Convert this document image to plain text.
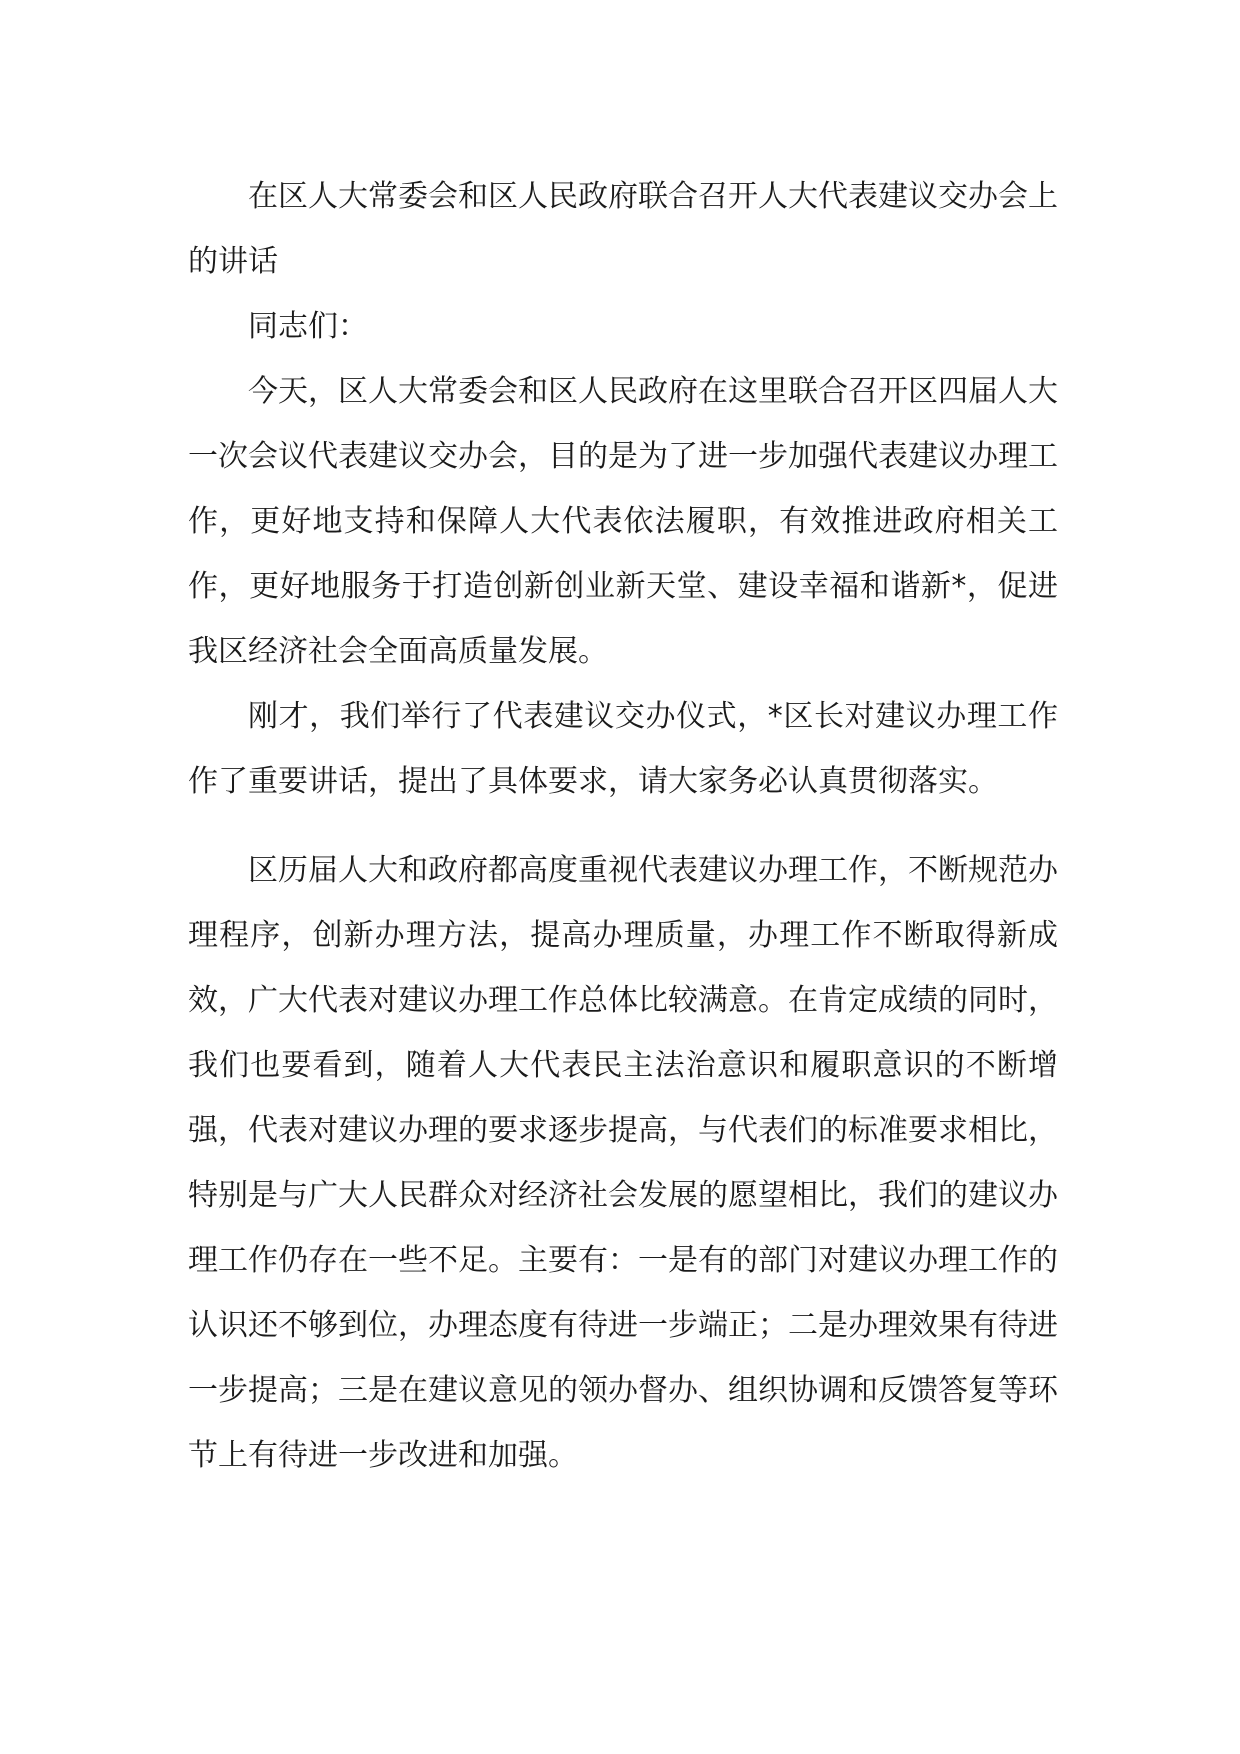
在区人大常委会和区人民政府联合召开人大代表建议交办会上的讲话

同志们：

今天，区人大常委会和区人民政府在这里联合召开区四届人大一次会议代表建议交办会，目的是为了进一步加强代表建议办理工作，更好地支持和保障人大代表依法履职，有效推进政府相关工作，更好地服务于打造创新创业新天堂、建设幸福和谐新*，促进我区经济社会全面高质量发展。

刚才，我们举行了代表建议交办仪式，*区长对建议办理工作作了重要讲话，提出了具体要求，请大家务必认真贯彻落实。

区历届人大和政府都高度重视代表建议办理工作，不断规范办理程序，创新办理方法，提高办理质量，办理工作不断取得新成效，广大代表对建议办理工作总体比较满意。在肯定成绩的同时，我们也要看到，随着人大代表民主法治意识和履职意识的不断增强，代表对建议办理的要求逐步提高，与代表们的标准要求相比，特别是与广大人民群众对经济社会发展的愿望相比，我们的建议办理工作仍存在一些不足。主要有：一是有的部门对建议办理工作的认识还不够到位，办理态度有待进一步端正；二是办理效果有待进一步提高；三是在建议意见的领办督办、组织协调和反馈答复等环节上有待进一步改进和加强。
